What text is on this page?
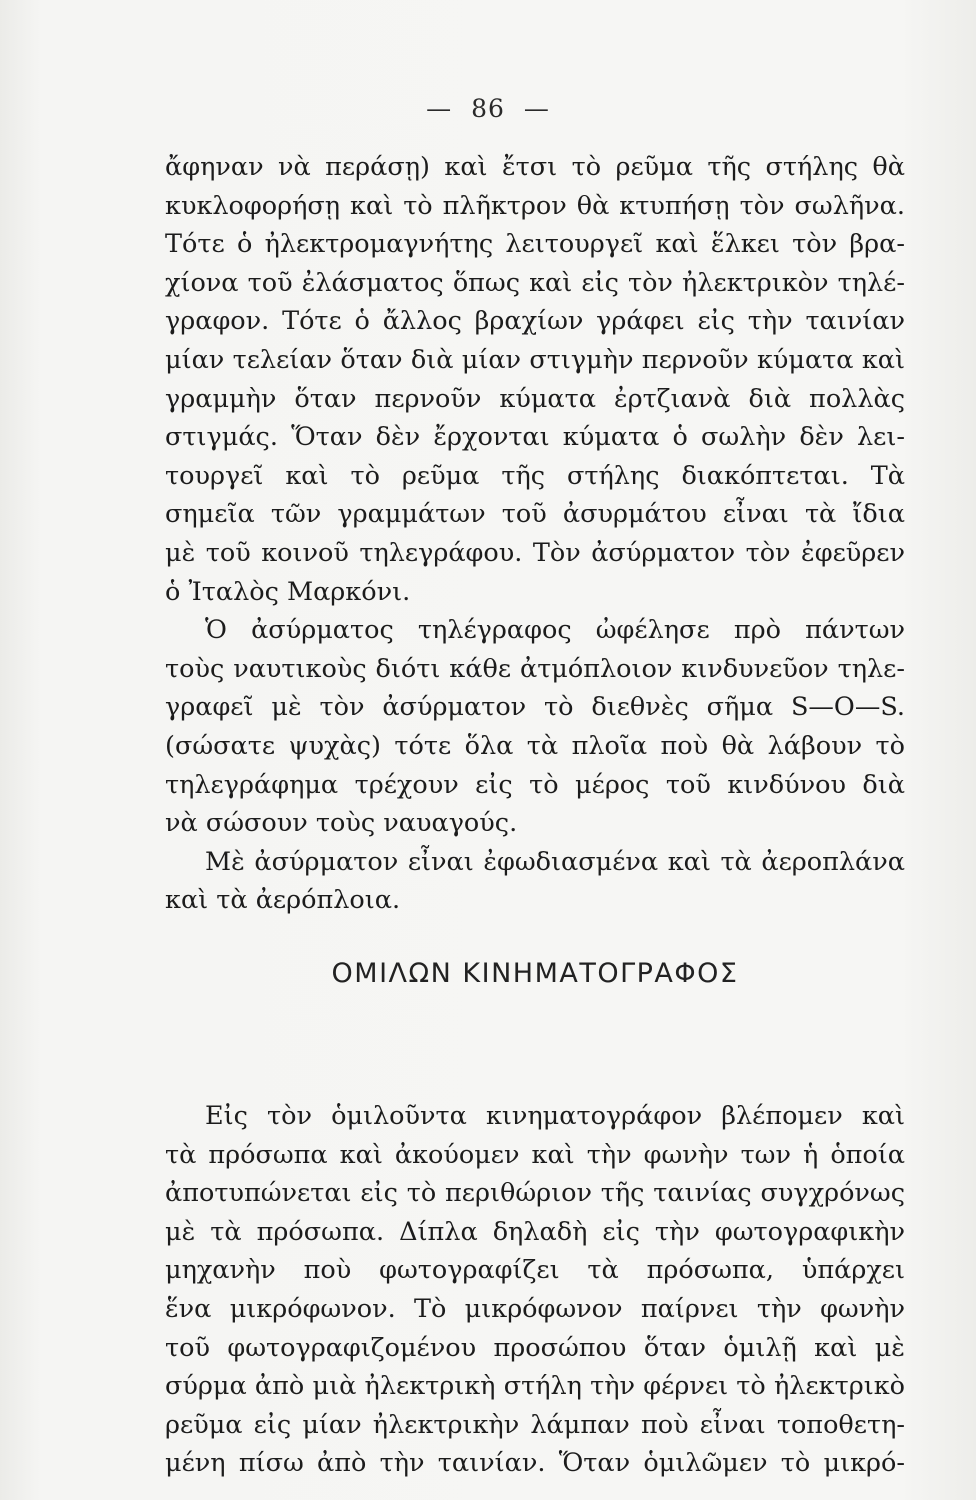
— 86 —
ἄφηναν νὰ περάσῃ) καὶ ἔτσι τὸ ρεῦμα τῆς στήλης θὰ
κυκλοφορήσῃ καὶ τὸ πλῆκτρον θὰ κτυπήσῃ τὸν σωλῆνα.
Τότε ὁ ἠλεκτρομαγνήτης λειτουργεῖ καὶ ἕλκει τὸν βρα-
χίονα τοῦ ἐλάσματος ὅπως καὶ εἰς τὸν ἠλεκτρικὸν τηλέ-
γραφον. Τότε ὁ ἄλλος βραχίων γράφει εἰς τὴν ταινίαν
μίαν τελείαν ὅταν διὰ μίαν στιγμὴν περνοῦν κύματα καὶ
γραμμὴν ὅταν περνοῦν κύματα ἐρτζιανὰ διὰ πολλὰς
στιγμάς. Ὅταν δὲν ἔρχονται κύματα ὁ σωλὴν δὲν λει-
τουργεῖ καὶ τὸ ρεῦμα τῆς στήλης διακόπτεται. Τὰ
σημεῖα τῶν γραμμάτων τοῦ ἀσυρμάτου εἶναι τὰ ἴδια
μὲ τοῦ κοινοῦ τηλεγράφου. Τὸν ἀσύρματον τὸν ἐφεῦρεν
ὁ Ἰταλὸς Μαρκόνι.
Ὁ ἀσύρματος τηλέγραφος ὠφέλησε πρὸ πάντων
τοὺς ναυτικοὺς διότι κάθε ἀτμόπλοιον κινδυνεῦον τηλε-
γραφεῖ μὲ τὸν ἀσύρματον τὸ διεθνὲς σῆμα S—O—S.
(σώσατε ψυχὰς) τότε ὅλα τὰ πλοῖα ποὺ θὰ λάβουν τὸ
τηλεγράφημα τρέχουν εἰς τὸ μέρος τοῦ κινδύνου διὰ
νὰ σώσουν τοὺς ναυαγούς.
Μὲ ἀσύρματον εἶναι ἐφωδιασμένα καὶ τὰ ἀεροπλάνα
καὶ τὰ ἀερόπλοια.
ΟΜΙΛΩΝ ΚΙΝΗΜΑΤΟΓΡΑΦΟΣ
Εἰς τὸν ὁμιλοῦντα κινηματογράφον βλέπομεν καὶ
τὰ πρόσωπα καὶ ἀκούομεν καὶ τὴν φωνὴν των ἡ ὁποία
ἀποτυπώνεται εἰς τὸ περιθώριον τῆς ταινίας συγχρόνως
μὲ τὰ πρόσωπα. Δίπλα δηλαδὴ εἰς τὴν φωτογραφικὴν
μηχανὴν ποὺ φωτογραφίζει τὰ πρόσωπα, ὑπάρχει
ἕνα μικρόφωνον. Τὸ μικρόφωνον παίρνει τὴν φωνὴν
τοῦ φωτογραφιζομένου προσώπου ὅταν ὁμιλῇ καὶ μὲ
σύρμα ἀπὸ μιὰ ἠλεκτρικὴ στήλη τὴν φέρνει τὸ ἠλεκτρικὸ
ρεῦμα εἰς μίαν ἠλεκτρικὴν λάμπαν ποὺ εἶναι τοποθετη-
μένη πίσω ἀπὸ τὴν ταινίαν. Ὅταν ὁμιλῶμεν τὸ μικρό-
